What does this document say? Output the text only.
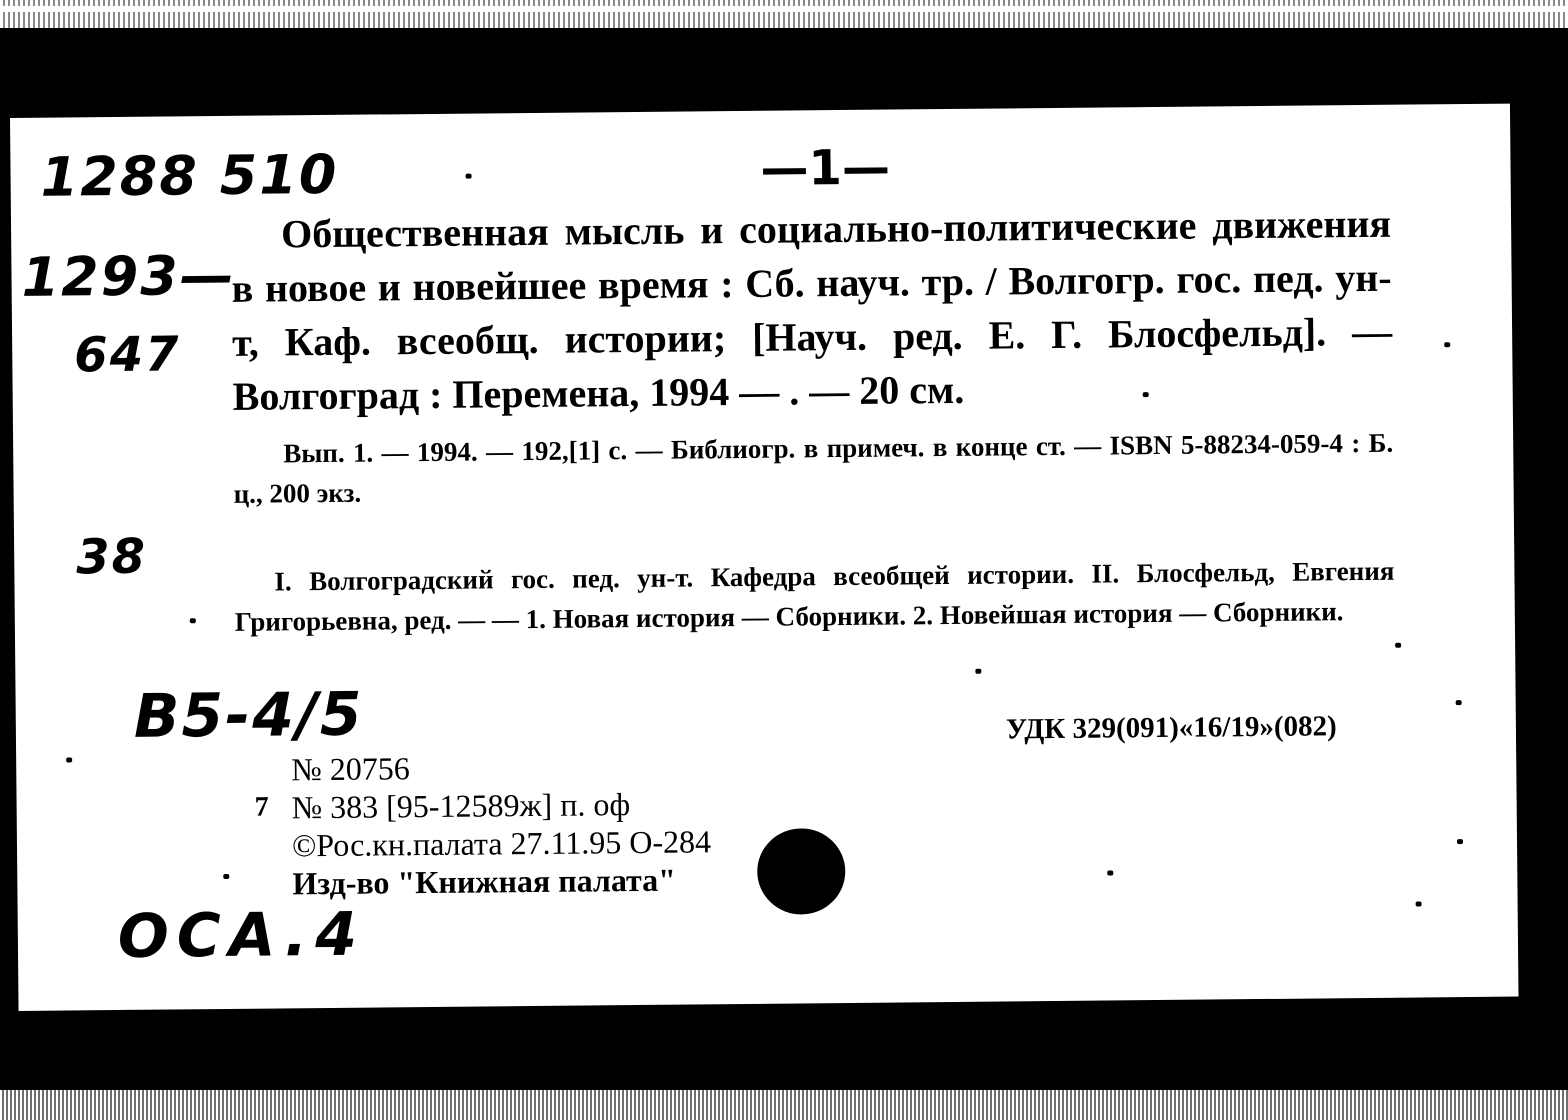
1288 510
1293—
647
38
B5-4/5
OCA.4
—1—

Общественная мысль и социально-политические движения в новое и новейшее время : Сб. науч. тр. / Волгогр. гос. пед. ун-т, Каф. всеобщ. истории; [Науч. ред. Е. Г. Блосфельд]. — Волгоград : Перемена, 1994 — . — 20 см.

Вып. 1. — 1994. — 192,[1] с. — Библиогр. в примеч. в конце ст. — ISBN 5-88234-059-4 : Б. ц., 200 экз.

I. Волгоградский гос. пед. ун-т. Кафедра всеобщей истории. II. Блосфельд, Евгения Григорьевна, ред. — — 1. Новая история — Сборники. 2. Новейшая история — Сборники.

УДК 329(091)«16/19»(082)
7
№ 20756
№ 383 [95-12589ж] п. оф
©Рос.кн.палата 27.11.95 О-284
Изд-во "Книжная палата"
